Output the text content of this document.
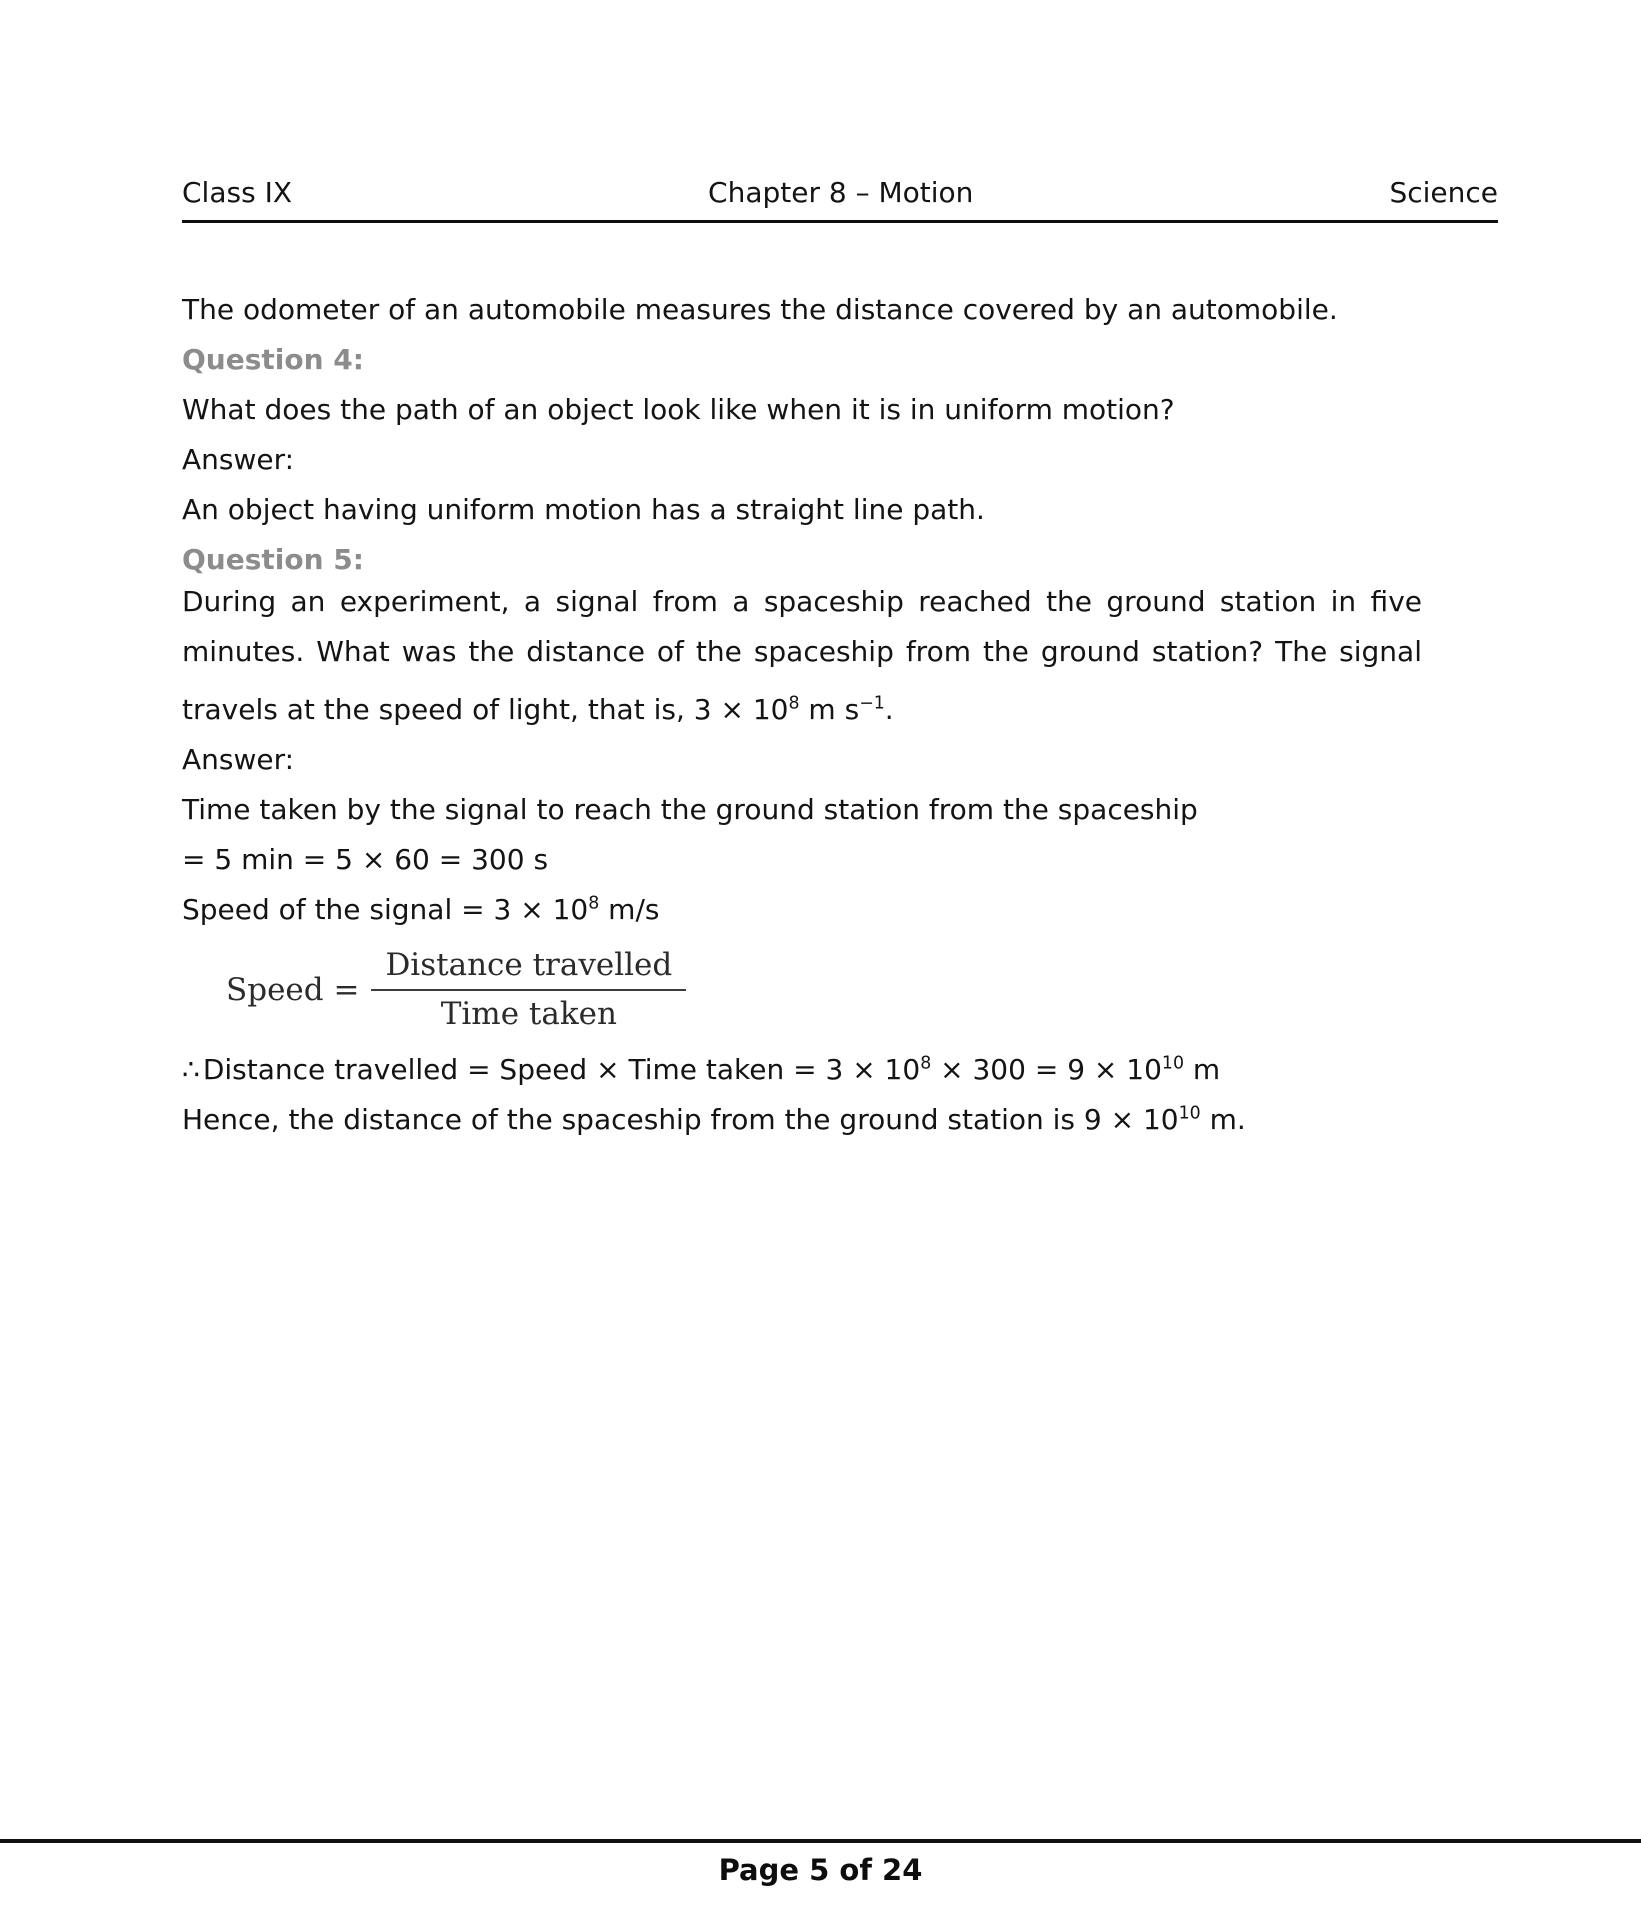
Class IX	Chapter 8 – Motion	Science
The odometer of an automobile measures the distance covered by an automobile.
Question 4:
What does the path of an object look like when it is in uniform motion?
Answer:
An object having uniform motion has a straight line path.
Question 5:
During an experiment, a signal from a spaceship reached the ground station in five
minutes. What was the distance of the spaceship from the ground station? The signal
travels at the speed of light, that is, $3 \times 10^8$ m $s^{-1}$.
Answer:
Time taken by the signal to reach the ground station from the spaceship
= 5 min = 5 × 60 = 300 s
Speed of the signal = $3 \times 10^8$ m/s
Speed = $\frac{\text{Distance travelled}}{\text{Time taken}}$
∴ Distance travelled = Speed × Time taken = $3 \times 10^8 \times 300 = 9 \times 10^{10}$ m
Hence, the distance of the spaceship from the ground station is $9 \times 10^{10}$ m.
Page 5 of 24
